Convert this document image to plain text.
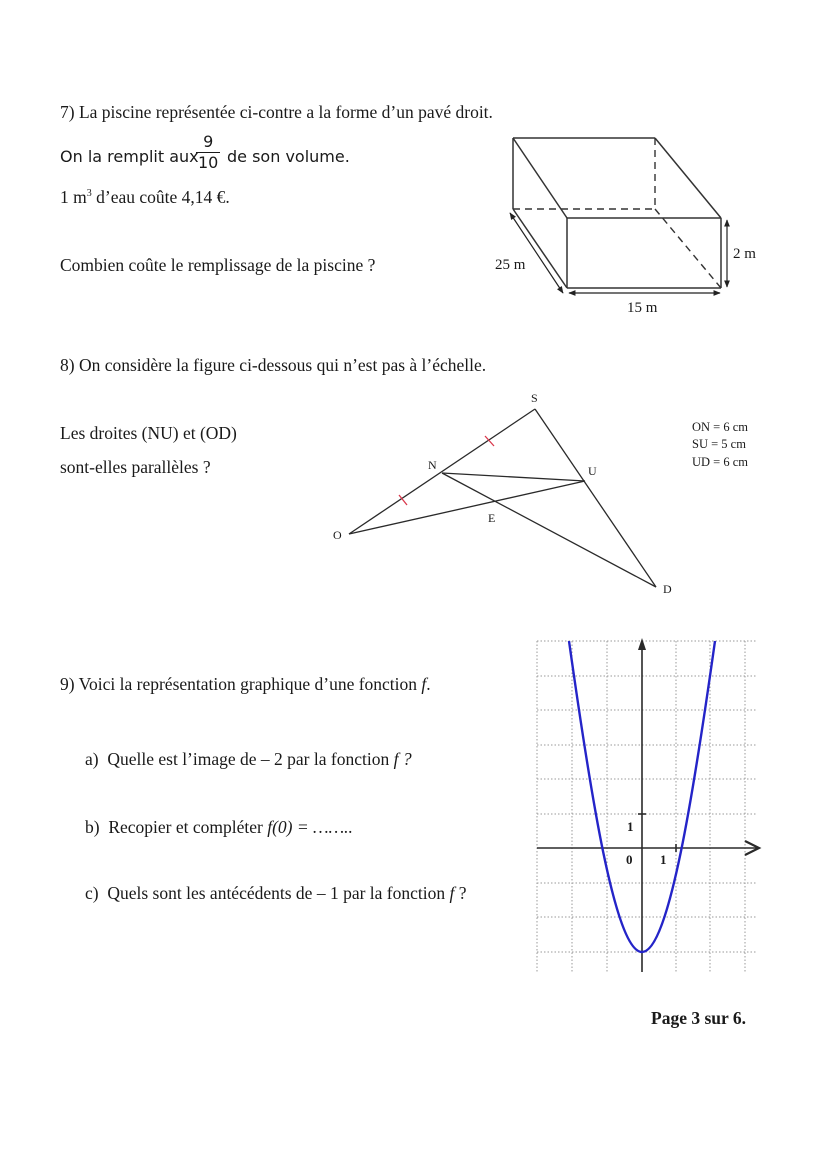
7) La piscine représentée ci-contre a la forme d’un pavé droit.
On la remplit aux
$\frac{9}{10}$ de son volume.
1 $m^3$ d’eau coûte 4,14 €.
Combien coûte le remplissage de la piscine ?	25 m
15 m
2 m
8) On considère la figure ci-dessous qui n’est pas à l’échelle.
Les droites (NU) et (OD)
sont-elles parallèles ?
S
N	U
O
E
D
ON = 6 cm
SU = 5 cm
UD = 6 cm
9) Voici la représentation graphique d’une fonction f.
a) Quelle est l’image de – 2 par la fonction f ?
b) Recopier et compléter f(0) = ……..
c) Quels sont les antécédents de – 1 par la fonction f ?
1
0 1
Page 3 sur 6.
